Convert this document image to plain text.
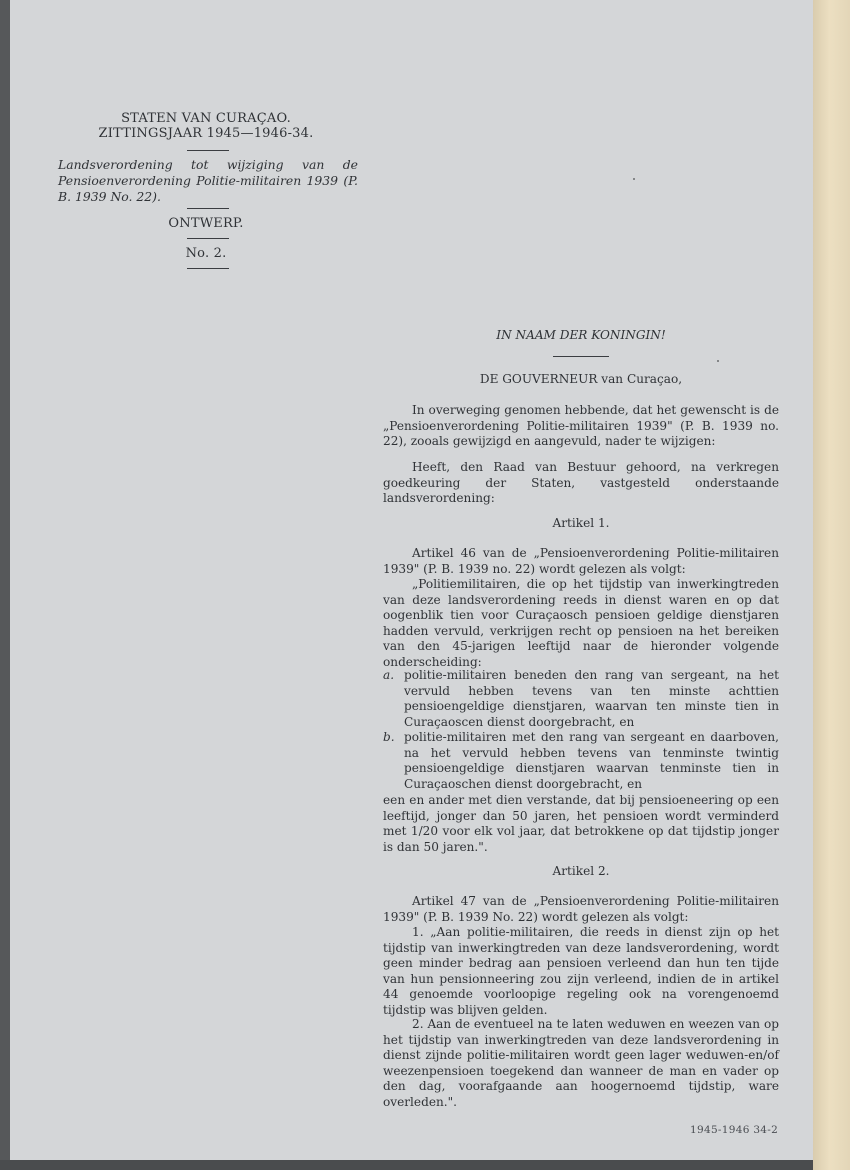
STATEN VAN CURAÇAO.
ZITTINGSJAAR 1945—1946-34.
Landsverordening tot wijziging van de Pensioenverordening Politie-militairen 1939 (P. B. 1939 No. 22).
ONTWERP.
No. 2.
IN NAAM DER KONINGIN!
DE GOUVERNEUR van Curaçao,
In overweging genomen hebbende, dat het gewenscht is de „Pensioenverordening Politie-militairen 1939" (P. B. 1939 no. 22), zooals gewijzigd en aangevuld, nader te wijzigen:
Heeft, den Raad van Bestuur gehoord, na verkregen goedkeuring der Staten, vastgesteld onderstaande landsverordening:
Artikel 1.
Artikel 46 van de „Pensioenverordening Politie-militairen 1939" (P. B. 1939 no. 22) wordt gelezen als volgt:
„Politiemilitairen, die op het tijdstip van inwerkingtreden van deze landsverordening reeds in dienst waren en op dat oogenblik tien voor Curaçaosch pensioen geldige dienstjaren hadden vervuld, verkrijgen recht op pensioen na het bereiken van den 45-jarigen leeftijd naar de hieronder volgende onderscheiding:
a. politie-militairen beneden den rang van sergeant, na het vervuld hebben tevens van ten minste achttien pensioengeldige dienstjaren, waarvan ten minste tien in Curaçaoscen dienst doorgebracht, en
b. politie-militairen met den rang van sergeant en daarboven, na het vervuld hebben tevens van tenminste twintig pensioengeldige dienstjaren waarvan tenminste tien in Curaçaoschen dienst doorgebracht, en
een en ander met dien verstande, dat bij pensioeneering op een leeftijd, jonger dan 50 jaren, het pensioen wordt verminderd met 1/20 voor elk vol jaar, dat betrokkene op dat tijdstip jonger is dan 50 jaren.".
Artikel 2.
Artikel 47 van de „Pensioenverordening Politie-militairen 1939" (P. B. 1939 No. 22) wordt gelezen als volgt:
1. „Aan politie-militairen, die reeds in dienst zijn op het tijdstip van inwerkingtreden van deze landsverordening, wordt geen minder bedrag aan pensioen verleend dan hun ten tijde van hun pensionneering zou zijn verleend, indien de in artikel 44 genoemde voorloopige regeling ook na vorengenoemd tijdstip was blijven gelden.
2. Aan de eventueel na te laten weduwen en weezen van op het tijdstip van inwerkingtreden van deze landsverordening in dienst zijnde politie-militairen wordt geen lager weduwen-en/of weezenpensioen toegekend dan wanneer de man en vader op den dag, voorafgaande aan hoogernoemd tijdstip, ware overleden.".
1945-1946 34-2
